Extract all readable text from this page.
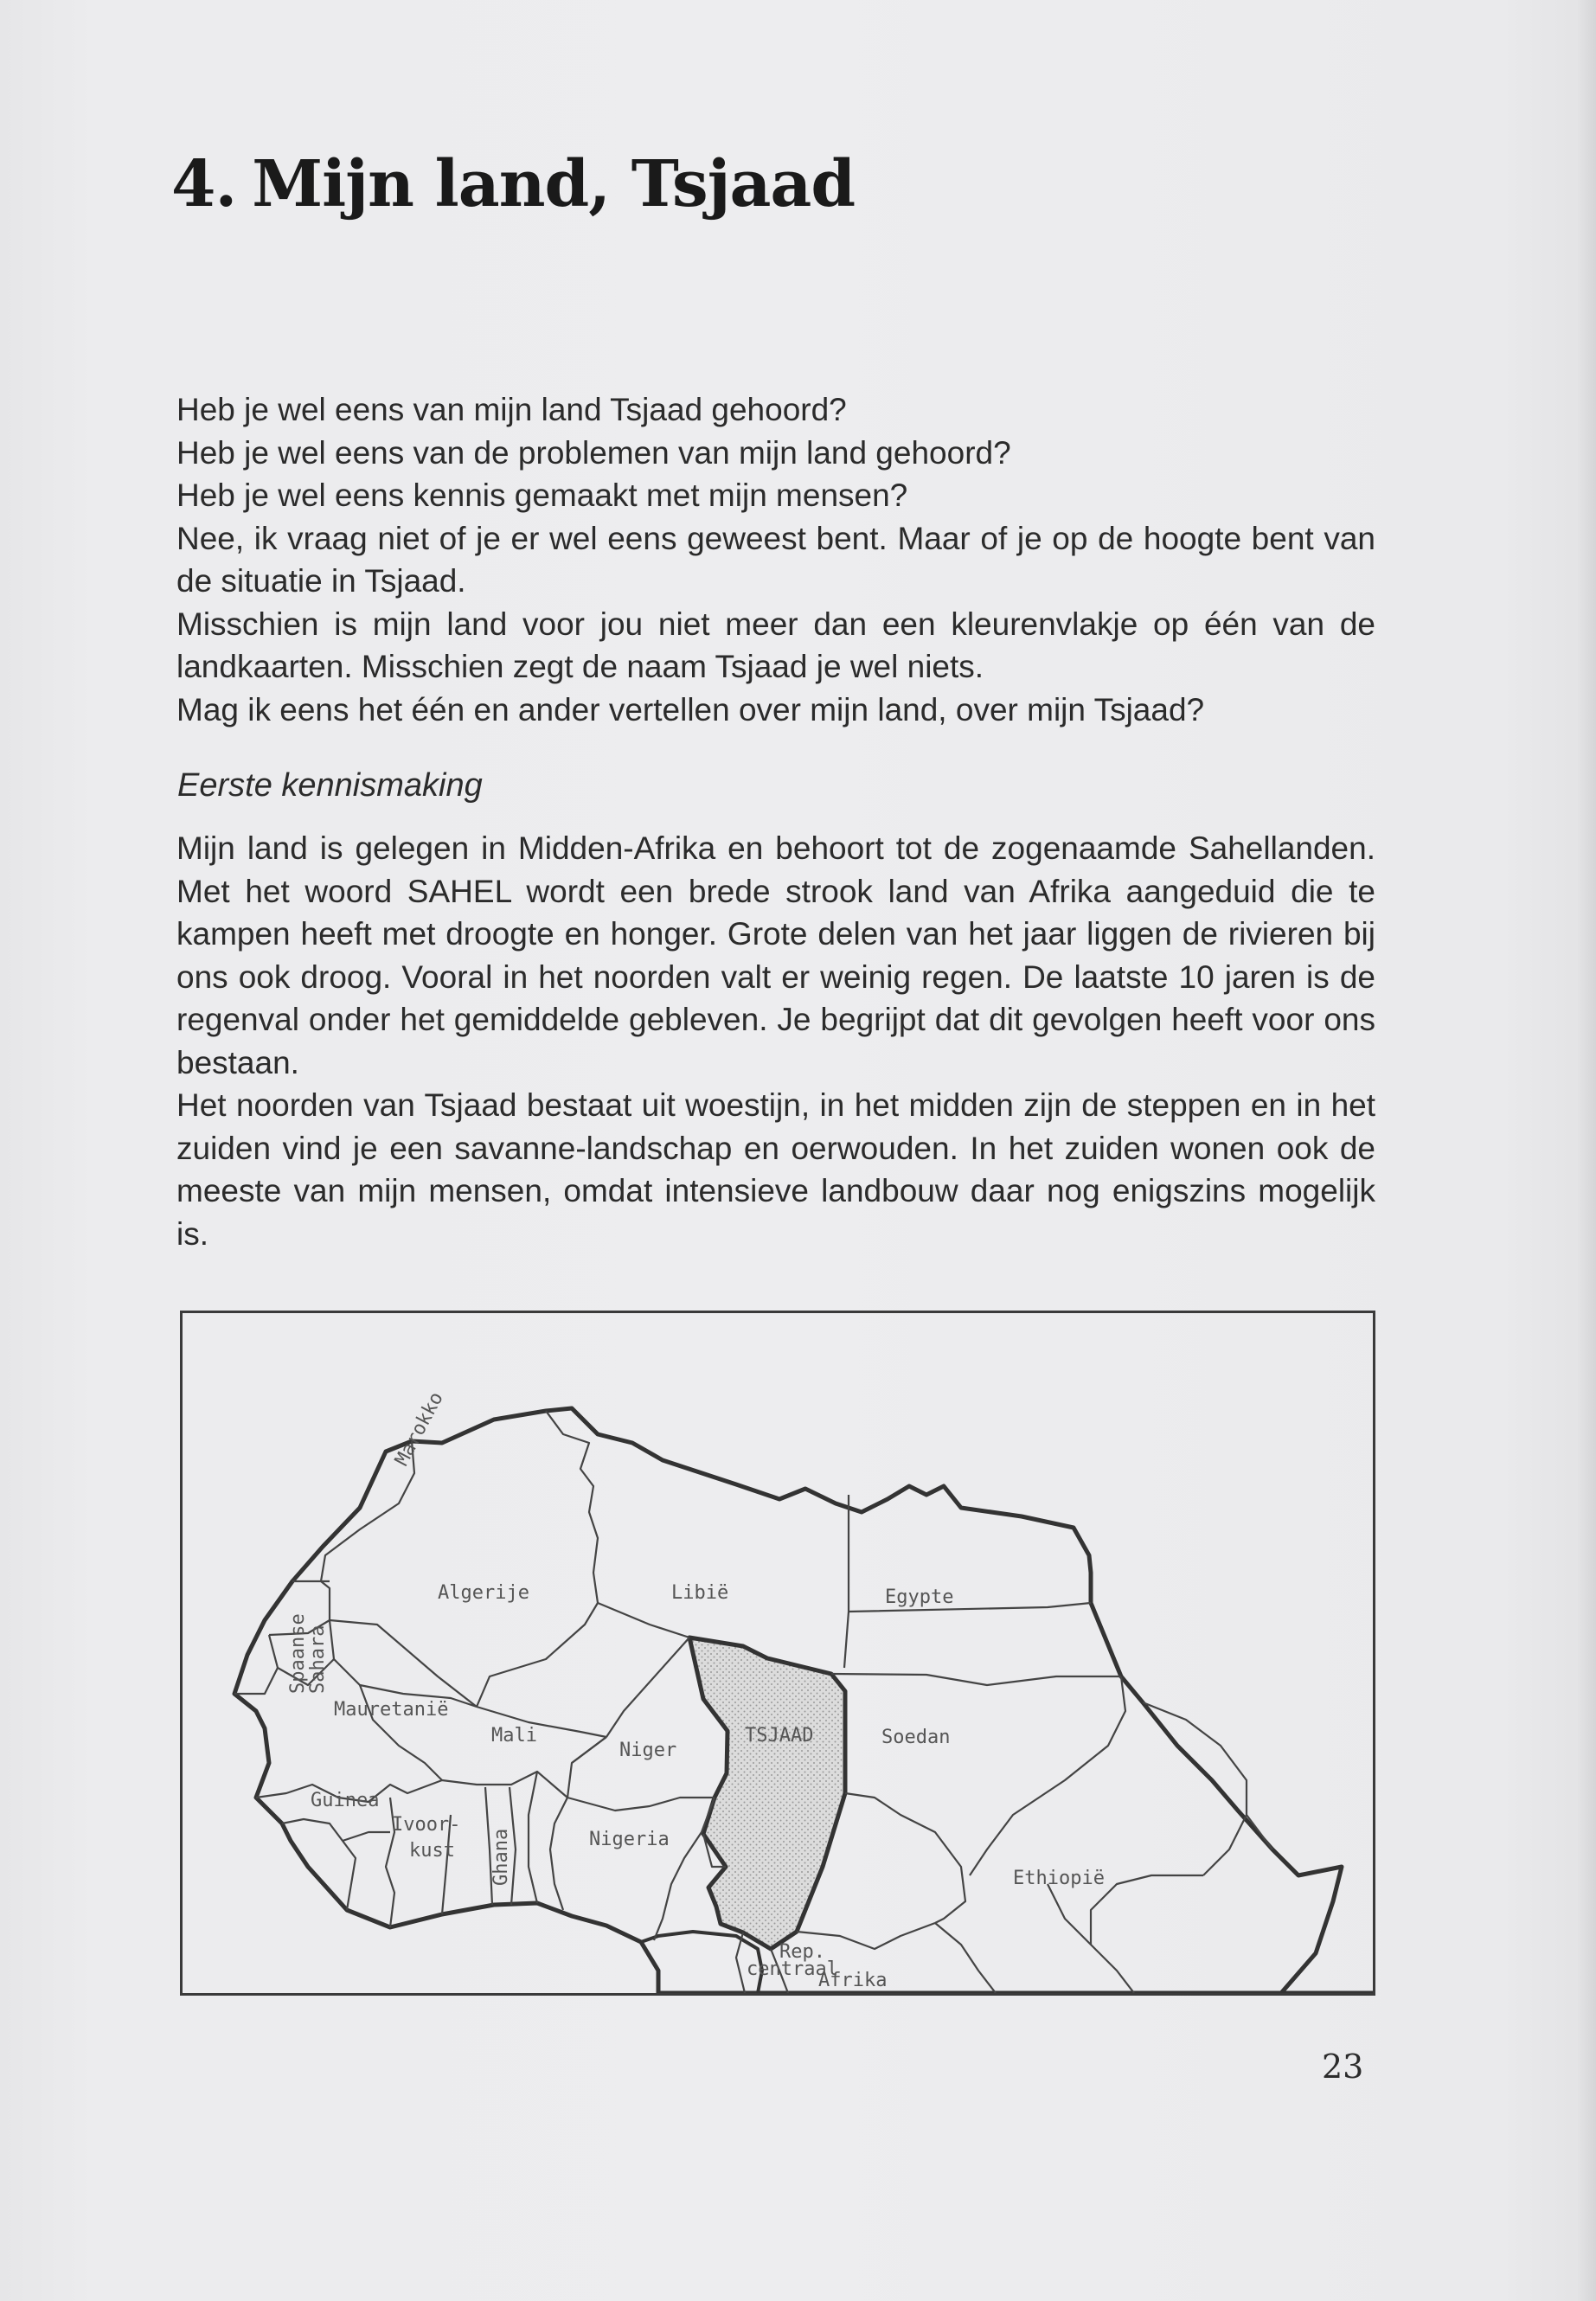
4. Mijn land, Tsjaad

Heb je wel eens van mijn land Tsjaad gehoord?

Heb je wel eens van de problemen van mijn land gehoord?

Heb je wel eens kennis gemaakt met mijn mensen?

Nee, ik vraag niet of je er wel eens geweest bent. Maar of je op de hoogte bent van de situatie in Tsjaad.

Misschien is mijn land voor jou niet meer dan een kleurenvlakje op één van de landkaarten. Misschien zegt de naam Tsjaad je wel niets.

Mag ik eens het één en ander vertellen over mijn land, over mijn Tsjaad?

Eerste kennismaking

Mijn land is gelegen in Midden-Afrika en behoort tot de zogenaamde Sahellanden. Met het woord SAHEL wordt een brede strook land van Afrika aangeduid die te kampen heeft met droogte en honger. Grote delen van het jaar liggen de rivieren bij ons ook droog. Vooral in het noorden valt er weinig regen. De laatste 10 jaren is de regenval onder het gemiddelde gebleven. Je begrijpt dat dit gevolgen heeft voor ons bestaan.

Het noorden van Tsjaad bestaat uit woestijn, in het midden zijn de steppen en in het zuiden vind je een savanne-landschap en oerwouden. In het zuiden wonen ook de meeste van mijn mensen, omdat intensieve landbouw daar nog enigszins mogelijk is.

Marokko
Spaanse
Sahara
Algerije	Libië	Egypte
Mauretanië
Mali
Niger
TSJAAD	Soedan
Guinea
Ivoor-
kust Ghana	Nigeria
Ethiopië
Rep.
centraal
Afrika
23
